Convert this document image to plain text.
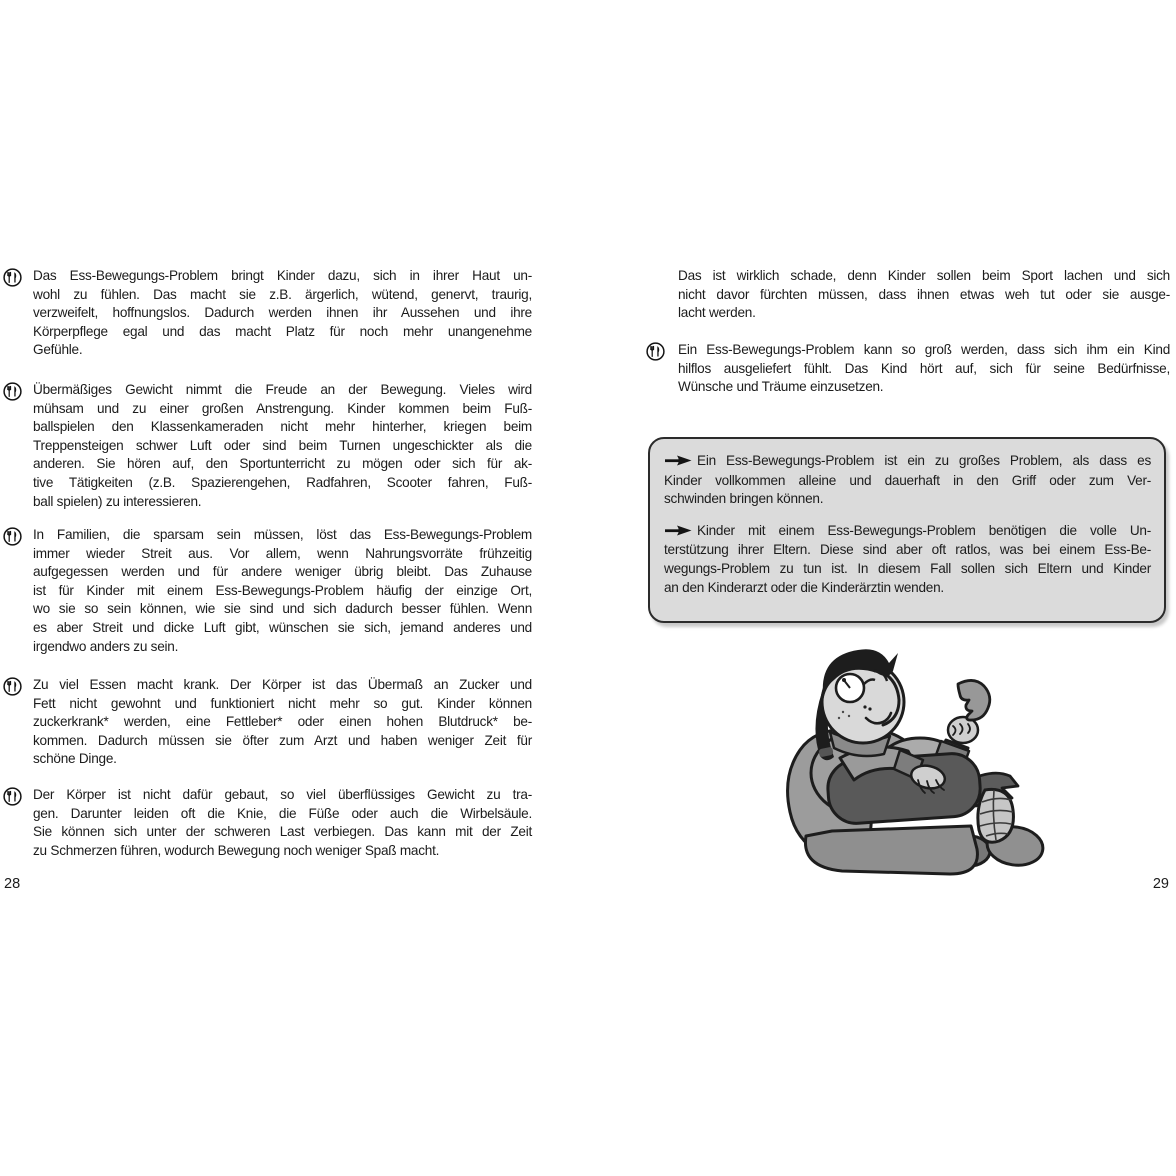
Das Ess-Bewegungs-Problem bringt Kinder dazu, sich in ihrer Haut un-
wohl zu fühlen. Das macht sie z.B. ärgerlich, wütend, genervt, traurig,
verzweifelt, hoffnungslos. Dadurch werden ihnen ihr Aussehen und ihre
Körperpflege egal und das macht Platz für noch mehr unangenehme
Gefühle.
Übermäßiges Gewicht nimmt die Freude an der Bewegung. Vieles wird
mühsam und zu einer großen Anstrengung. Kinder kommen beim Fuß-
ballspielen den Klassenkameraden nicht mehr hinterher, kriegen beim
Treppensteigen schwer Luft oder sind beim Turnen ungeschickter als die
anderen. Sie hören auf, den Sportunterricht zu mögen oder sich für ak-
tive Tätigkeiten (z.B. Spazierengehen, Radfahren, Scooter fahren, Fuß-
ball spielen) zu interessieren.
In Familien, die sparsam sein müssen, löst das Ess-Bewegungs-Problem
immer wieder Streit aus. Vor allem, wenn Nahrungsvorräte frühzeitig
aufgegessen werden und für andere weniger übrig bleibt. Das Zuhause
ist für Kinder mit einem Ess-Bewegungs-Problem häufig der einzige Ort,
wo sie so sein können, wie sie sind und sich dadurch besser fühlen. Wenn
es aber Streit und dicke Luft gibt, wünschen sie sich, jemand anderes und
irgendwo anders zu sein.
Zu viel Essen macht krank. Der Körper ist das Übermaß an Zucker und
Fett nicht gewohnt und funktioniert nicht mehr so gut. Kinder können
zuckerkrank* werden, eine Fettleber* oder einen hohen Blutdruck* be-
kommen. Dadurch müssen sie öfter zum Arzt und haben weniger Zeit für
schöne Dinge.
Der Körper ist nicht dafür gebaut, so viel überflüssiges Gewicht zu tra-
gen. Darunter leiden oft die Knie, die Füße oder auch die Wirbelsäule.
Sie können sich unter der schweren Last verbiegen. Das kann mit der Zeit
zu Schmerzen führen, wodurch Bewegung noch weniger Spaß macht.
28
Das ist wirklich schade, denn Kinder sollen beim Sport lachen und sich
nicht davor fürchten müssen, dass ihnen etwas weh tut oder sie ausge-
lacht werden.
Ein Ess-Bewegungs-Problem kann so groß werden, dass sich ihm ein Kind
hilflos ausgeliefert fühlt. Das Kind hört auf, sich für seine Bedürfnisse,
Wünsche und Träume einzusetzen.
Ein Ess-Bewegungs-Problem ist ein zu großes Problem, als dass es
Kinder vollkommen alleine und dauerhaft in den Griff oder zum Ver-
schwinden bringen können.
Kinder mit einem Ess-Bewegungs-Problem benötigen die volle Un-
terstützung ihrer Eltern. Diese sind aber oft ratlos, was bei einem Ess-Be-
wegungs-Problem zu tun ist. In diesem Fall sollen sich Eltern und Kinder
an den Kinderarzt oder die Kinderärztin wenden.
29
